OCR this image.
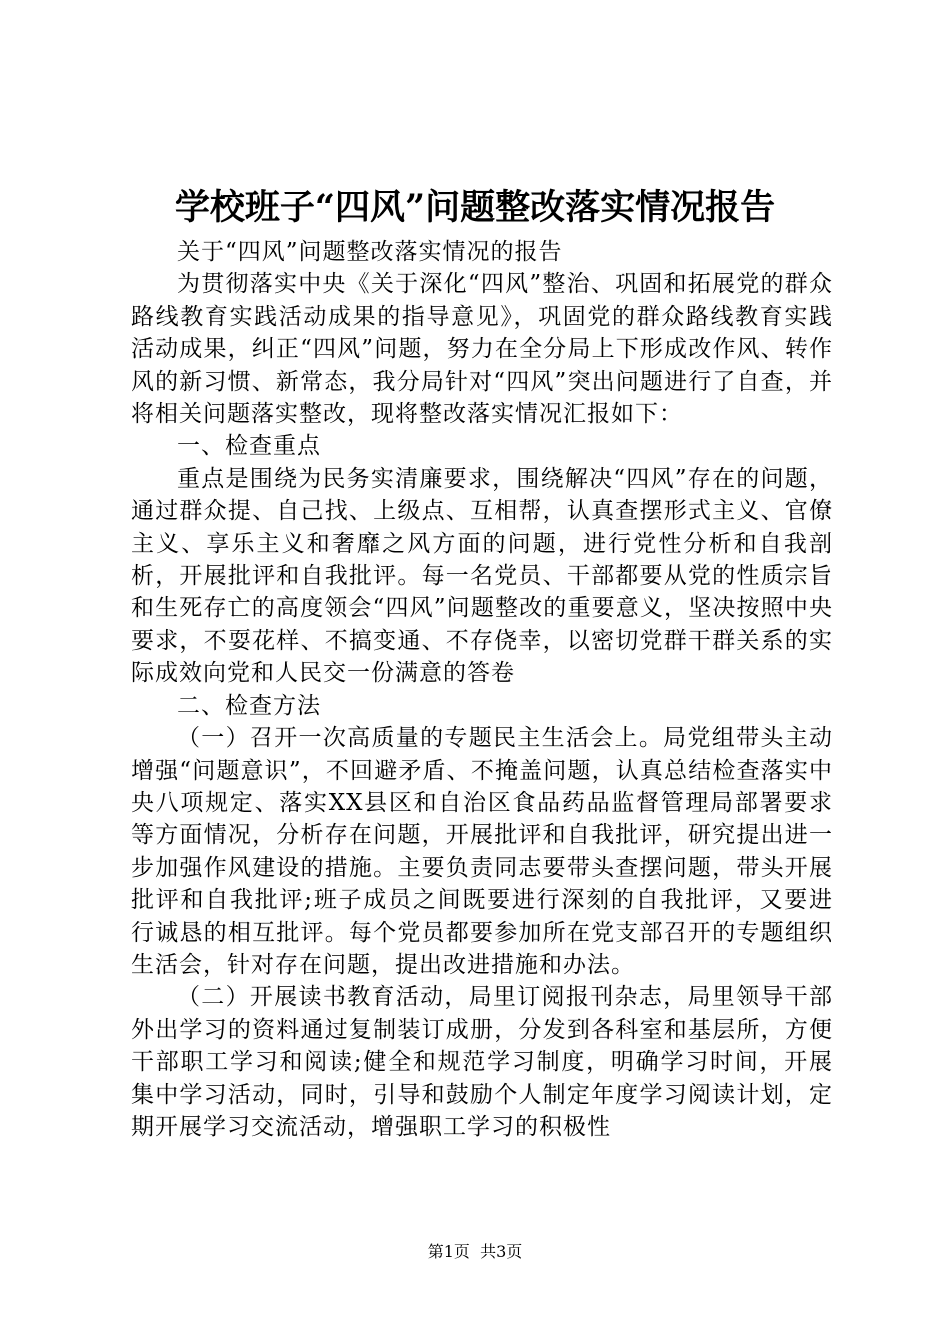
学校班子“四风”问题整改落实情况报告

关于“四风”问题整改落实情况的报告

为贯彻落实中央《关于深化“四风”整治、巩固和拓展党的群众路线教育实践活动成果的指导意见》，巩固党的群众路线教育实践活动成果，纠正“四风”问题，努力在全分局上下形成改作风、转作风的新习惯、新常态，我分局针对“四风”突出问题进行了自查，并将相关问题落实整改，现将整改落实情况汇报如下：

一、检查重点

重点是围绕为民务实清廉要求，围绕解决“四风”存在的问题，通过群众提、自己找、上级点、互相帮，认真查摆形式主义、官僚主义、享乐主义和奢靡之风方面的问题，进行党性分析和自我剖析，开展批评和自我批评。每一名党员、干部都要从党的性质宗旨和生死存亡的高度领会“四风”问题整改的重要意义，坚决按照中央要求，不耍花样、不搞变通、不存侥幸，以密切党群干群关系的实际成效向党和人民交一份满意的答卷

二、检查方法

（一）召开一次高质量的专题民主生活会上。局党组带头主动增强“问题意识”，不回避矛盾、不掩盖问题，认真总结检查落实中央八项规定、落实XX县区和自治区食品药品监督管理局部署要求等方面情况，分析存在问题，开展批评和自我批评，研究提出进一步加强作风建设的措施。主要负责同志要带头查摆问题，带头开展批评和自我批评;班子成员之间既要进行深刻的自我批评，又要进行诚恳的相互批评。每个党员都要参加所在党支部召开的专题组织生活会，针对存在问题，提出改进措施和办法。

（二）开展读书教育活动，局里订阅报刊杂志，局里领导干部外出学习的资料通过复制装订成册，分发到各科室和基层所，方便干部职工学习和阅读;健全和规范学习制度，明确学习时间，开展集中学习活动，同时，引导和鼓励个人制定年度学习阅读计划，定期开展学习交流活动，增强职工学习的积极性

第1页 共3页
